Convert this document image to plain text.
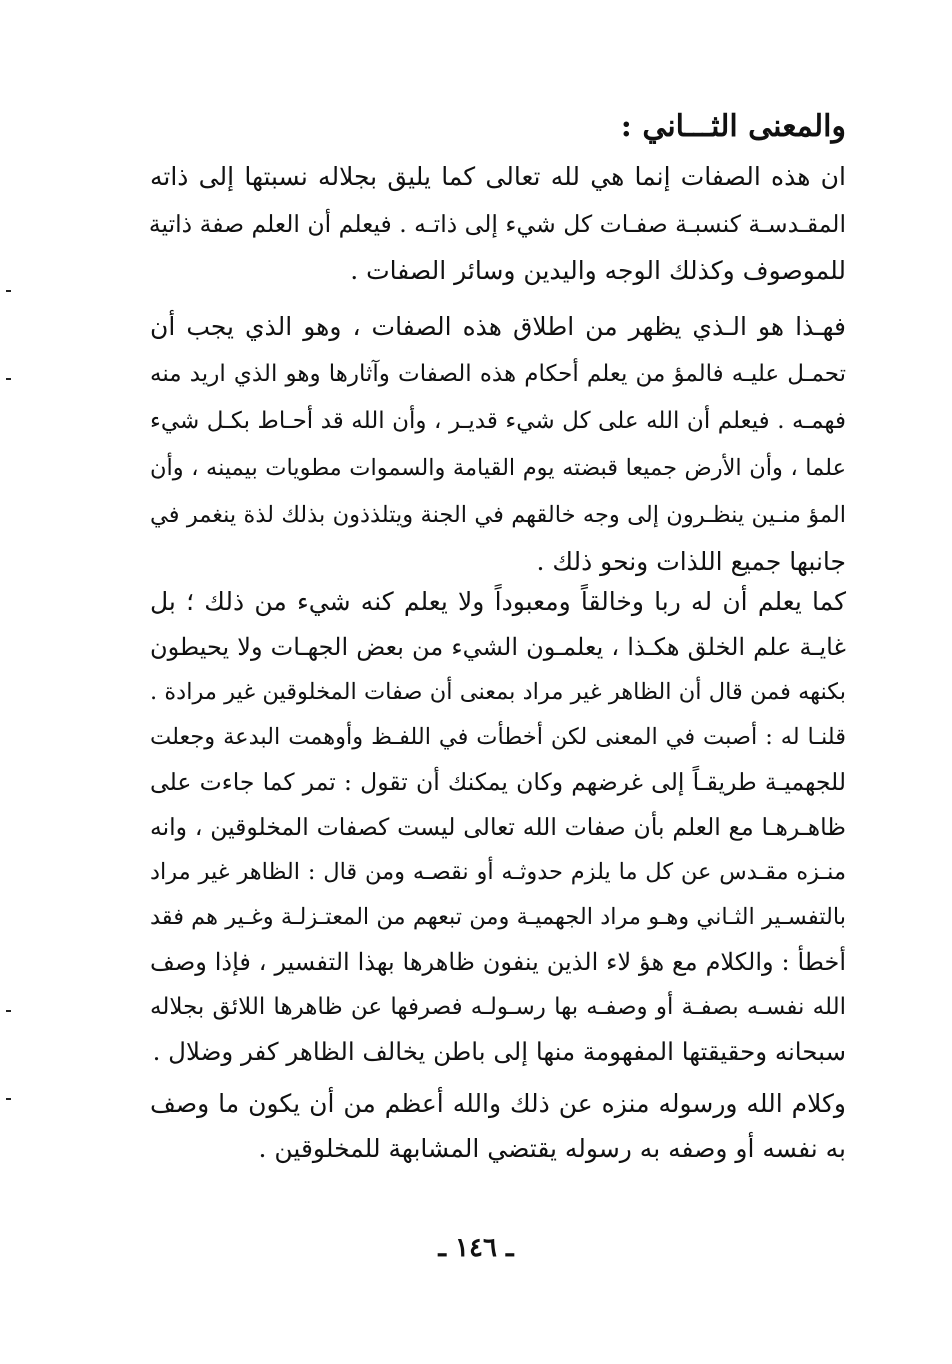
والمعنى الثـــاني :
ان هذه الصفات إنما هي لله تعالى كما يليق بجلاله نسبتها إلى ذاته
المقـدسـة كنسبـة صفـات كل شيء إلى ذاتـه . فيعلم أن العلم صفة ذاتية
للموصوف وكذلك الوجه واليدين وسائر الصفات .
فهـذا هو الـذي يظهر من اطلاق هذه الصفات ، وهو الذي يجب أن
تحمـل عليـه فالمؤ من يعلم أحكام هذه الصفات وآثارها وهو الذي اريد منه
فهمـه . فيعلم أن الله على كل شيء قديـر ، وأن الله قد أحـاط بكـل شيء
علما ، وأن الأرض جميعا قبضته يوم القيامة والسموات مطويات بيمينه ، وأن
المؤ منـين ينظـرون إلى وجه خالقهم في الجنة ويتلذذون بذلك لذة ينغمر في
جانبها جميع اللذات ونحو ذلك .
كما يعلم أن له ربا وخالقاً ومعبوداً ولا يعلم كنه شيء من ذلك ؛ بل
غايـة علم الخلق هكـذا ، يعلمـون الشيء من بعض الجهـات ولا يحيطون
بكنهه فمن قال أن الظاهر غير مراد بمعنى أن صفات المخلوقين غير مرادة .
قلنـا له : أصبت في المعنى لكن أخطأت في اللفـظ وأوهمت البدعة وجعلت
للجهميـة طريقـاً إلى غرضهم وكان يمكنك أن تقول : تمر كما جاءت على
ظاهـرهـا مع العلم بأن صفات الله تعالى ليست كصفات المخلوقين ، وانه
منـزه مقـدس عن كل ما يلزم حدوثـه أو نقصـه ومن قال : الظاهر غير مراد
بالتفسـير الثـاني وهـو مراد الجهميـة ومن تبعهم من المعتـزلـة وغـير هم فقد
أخطأ : والكلام مع هؤ لاء الذين ينفون ظاهرها بهذا التفسير ، فإذا وصف
الله نفسـه بصفـة أو وصفـه بها رسـولـه فصرفها عن ظاهرها اللائق بجلاله
سبحانه وحقيقتها المفهومة منها إلى باطن يخالف الظاهر كفر وضلال .
وكلام الله ورسوله منزه عن ذلك والله أعظم من أن يكون ما وصف
به نفسه أو وصفه به رسوله يقتضي المشابهة للمخلوقين .
ـ ١٤٦ ـ
